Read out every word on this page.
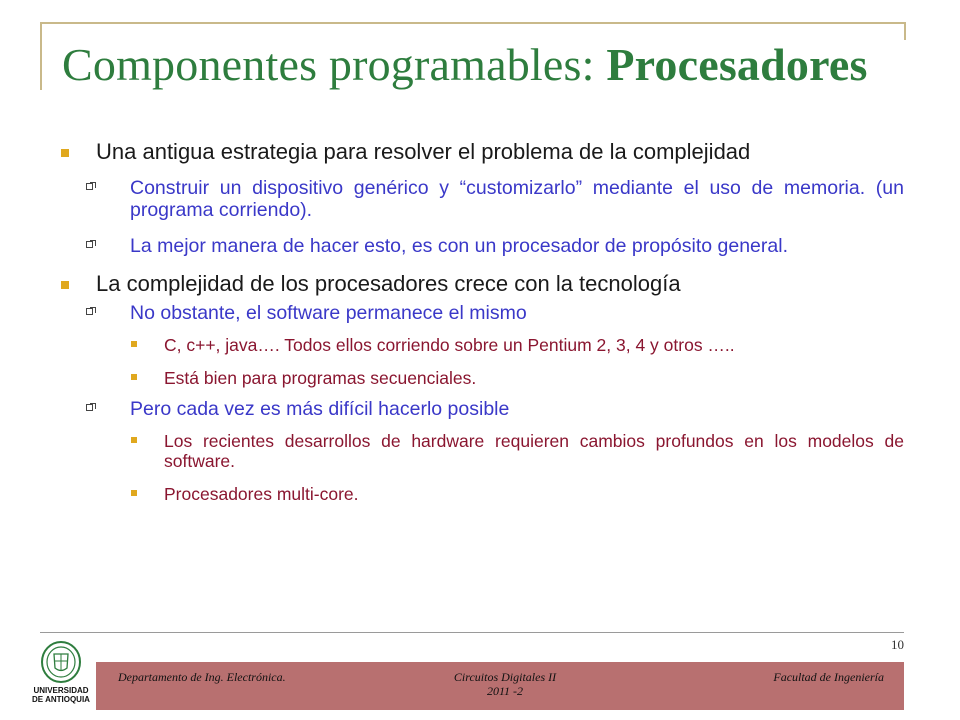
Componentes programables: Procesadores
Una antigua estrategia para resolver el problema de la complejidad
Construir un dispositivo genérico y “customizarlo” mediante el uso de memoria. (un programa corriendo).
La mejor manera de hacer esto, es con un procesador de propósito general.
La complejidad de los procesadores crece con la tecnología
No obstante, el software permanece el mismo
C, c++, java…. Todos ellos corriendo sobre un Pentium 2, 3, 4 y otros …..
Está bien para programas secuenciales.
Pero cada vez es más difícil hacerlo posible
Los recientes desarrollos de hardware requieren cambios profundos en los modelos de software.
Procesadores multi-core.
10
UNIVERSIDAD
DE ANTIOQUIA
Departamento de Ing. Electrónica.	Circuitos Digitales II
2011 -2
Facultad de Ingeniería
